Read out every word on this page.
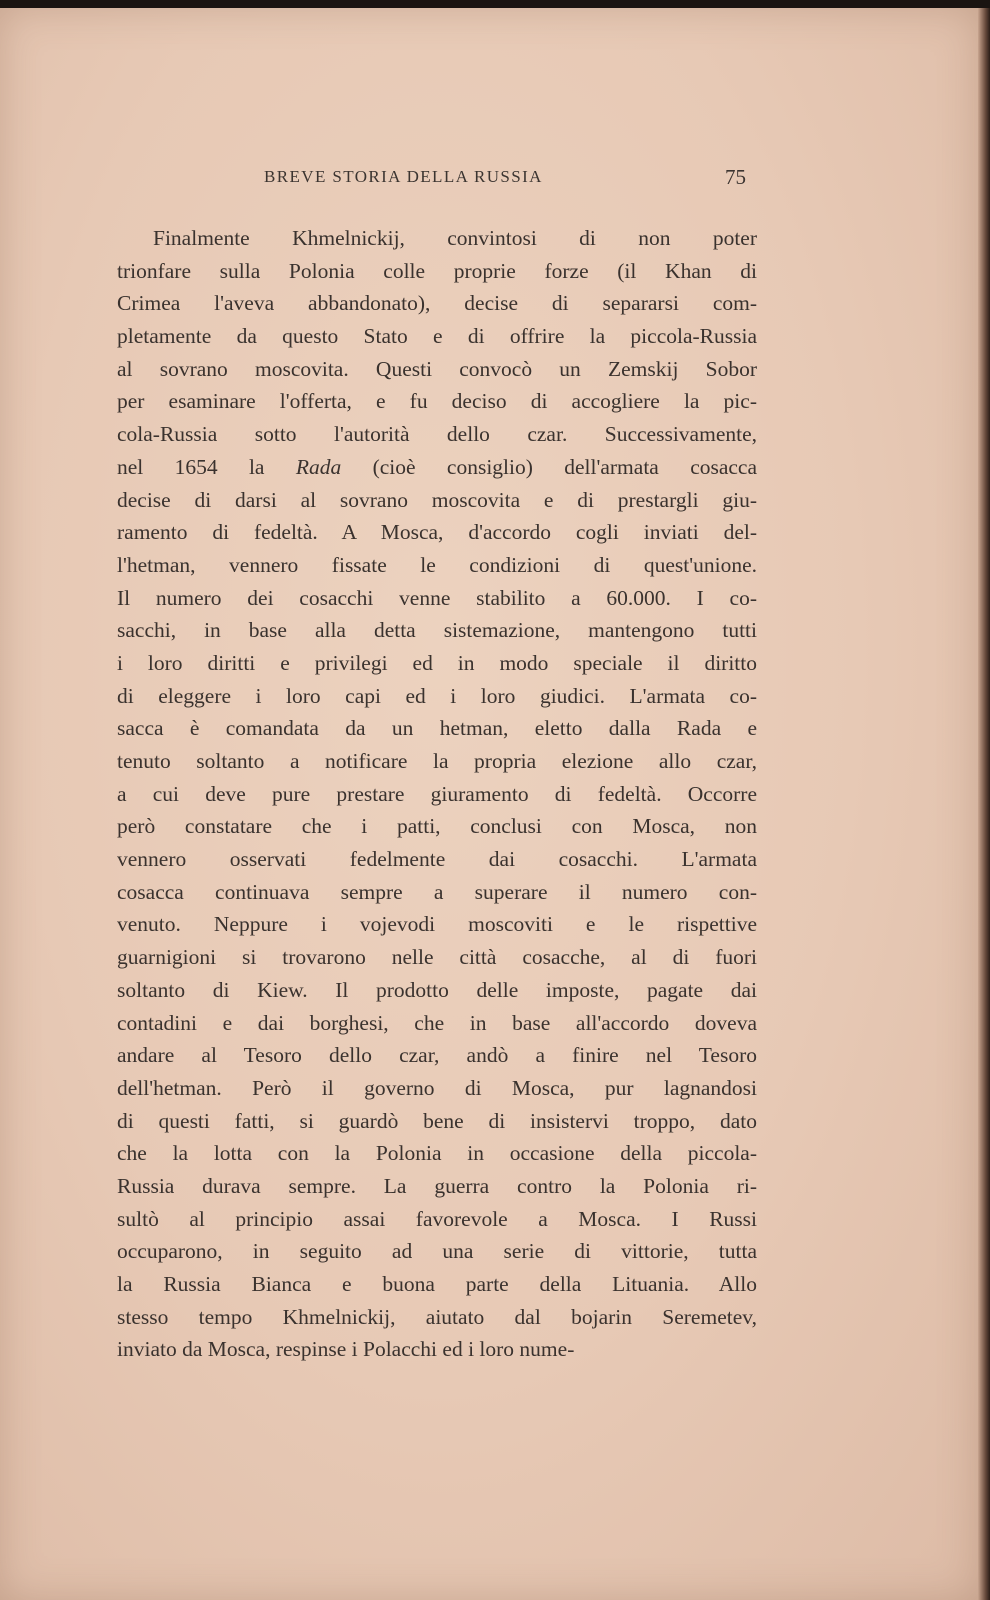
BREVE STORIA DELLA RUSSIA	75
Finalmente Khmelnickij, convintosi di non poter
trionfare sulla Polonia colle proprie forze (il Khan di
Crimea l'aveva abbandonato), decise di separarsi com-
pletamente da questo Stato e di offrire la piccola-Russia
al sovrano moscovita. Questi convocò un Zemskij Sobor
per esaminare l'offerta, e fu deciso di accogliere la pic-
cola-Russia sotto l'autorità dello czar. Successivamente,
nel 1654 la Rada (cioè consiglio) dell'armata cosacca
decise di darsi al sovrano moscovita e di prestargli giu-
ramento di fedeltà. A Mosca, d'accordo cogli inviati del-
l'hetman, vennero fissate le condizioni di quest'unione.
Il numero dei cosacchi venne stabilito a 60.000. I co-
sacchi, in base alla detta sistemazione, mantengono tutti
i loro diritti e privilegi ed in modo speciale il diritto
di eleggere i loro capi ed i loro giudici. L'armata co-
sacca è comandata da un hetman, eletto dalla Rada e
tenuto soltanto a notificare la propria elezione allo czar,
a cui deve pure prestare giuramento di fedeltà. Occorre
però constatare che i patti, conclusi con Mosca, non
vennero osservati fedelmente dai cosacchi. L'armata
cosacca continuava sempre a superare il numero con-
venuto. Neppure i vojevodi moscoviti e le rispettive
guarnigioni si trovarono nelle città cosacche, al di fuori
soltanto di Kiew. Il prodotto delle imposte, pagate dai
contadini e dai borghesi, che in base all'accordo doveva
andare al Tesoro dello czar, andò a finire nel Tesoro
dell'hetman. Però il governo di Mosca, pur lagnandosi
di questi fatti, si guardò bene di insistervi troppo, dato
che la lotta con la Polonia in occasione della piccola-
Russia durava sempre. La guerra contro la Polonia ri-
sultò al principio assai favorevole a Mosca. I Russi
occuparono, in seguito ad una serie di vittorie, tutta
la Russia Bianca e buona parte della Lituania. Allo
stesso tempo Khmelnickij, aiutato dal bojarin Seremetev,
inviato da Mosca, respinse i Polacchi ed i loro nume-
